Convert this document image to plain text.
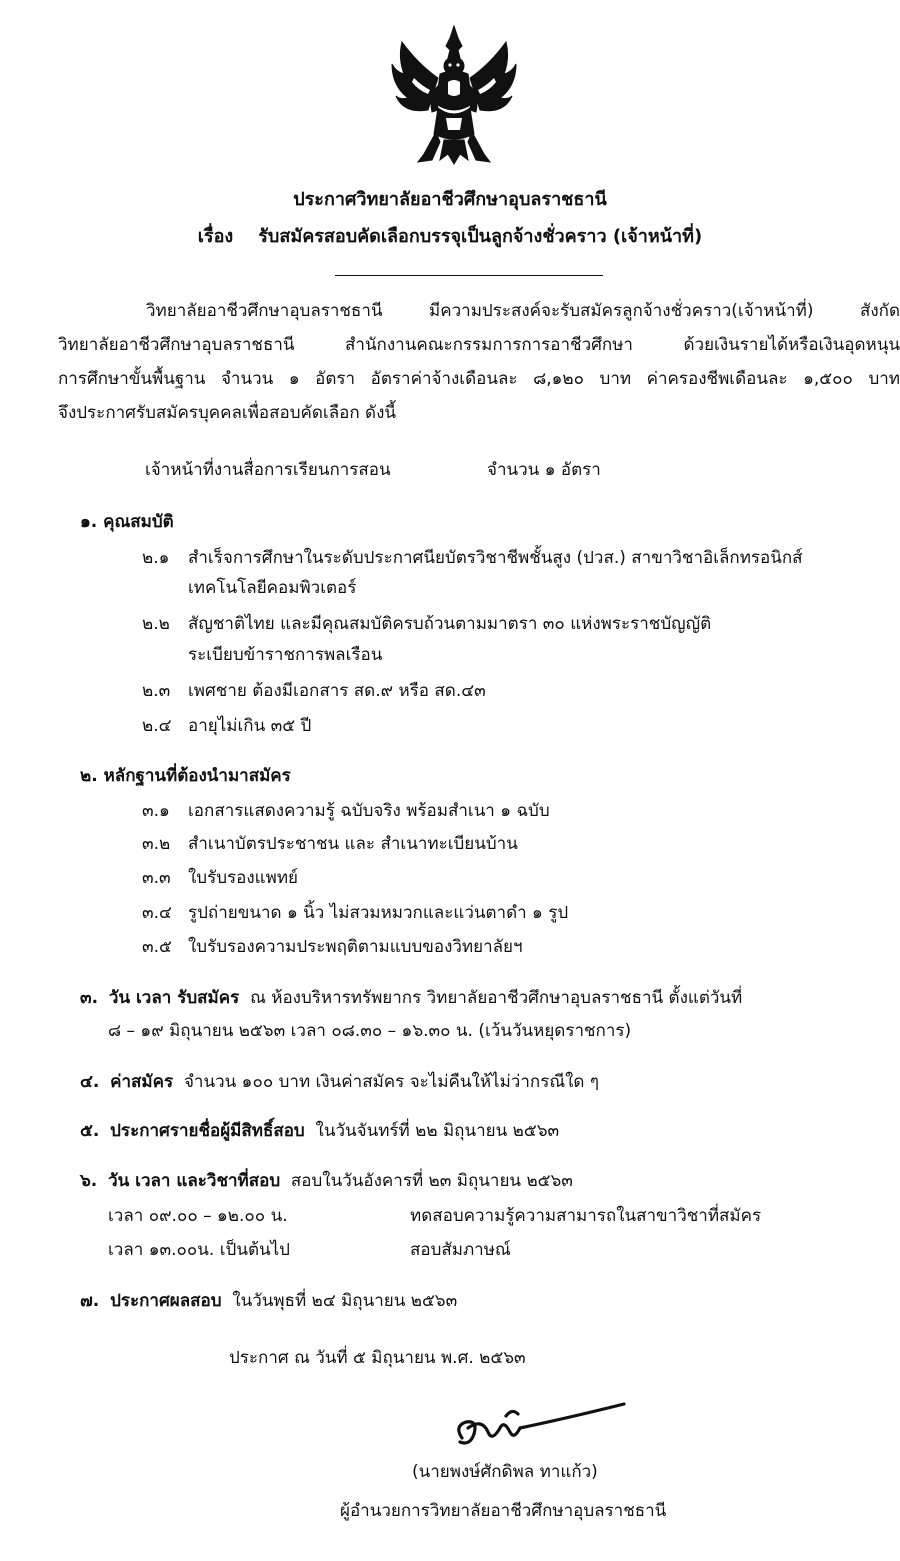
ประกาศวิทยาลัยอาชีวศึกษาอุบลราชธานี
เรื่อง รับสมัครสอบคัดเลือกบรรจุเป็นลูกจ้างชั่วคราว (เจ้าหน้าที่)
วิทยาลัยอาชีวศึกษาอุบลราชธานี มีความประสงค์จะรับสมัครลูกจ้างชั่วคราว(เจ้าหน้าที่) สังกัด
วิทยาลัยอาชีวศึกษาอุบลราชธานี สำนักงานคณะกรรมการการอาชีวศึกษา ด้วยเงินรายได้หรือเงินอุดหนุน
การศึกษาขั้นพื้นฐาน จำนวน ๑ อัตรา อัตราค่าจ้างเดือนละ ๘,๑๒๐ บาท ค่าครองชีพเดือนละ ๑,๕๐๐ บาท
จึงประกาศรับสมัครบุคคลเพื่อสอบคัดเลือก ดังนี้
เจ้าหน้าที่งานสื่อการเรียนการสอน	จำนวน ๑ อัตรา
๑. คุณสมบัติ
๒.๑ สำเร็จการศึกษาในระดับประกาศนียบัตรวิชาชีพชั้นสูง (ปวส.) สาขาวิชาอิเล็กทรอนิกส์
เทคโนโลยีคอมพิวเตอร์
๒.๒ สัญชาติไทย และมีคุณสมบัติครบถ้วนตามมาตรา ๓๐ แห่งพระราชบัญญัติ
ระเบียบข้าราชการพลเรือน
๒.๓ เพศชาย ต้องมีเอกสาร สด.๙ หรือ สด.๔๓
๒.๔ อายุไม่เกิน ๓๕ ปี
๒. หลักฐานที่ต้องนำมาสมัคร
๓.๑ เอกสารแสดงความรู้ ฉบับจริง พร้อมสำเนา ๑ ฉบับ
๓.๒ สำเนาบัตรประชาชน และ สำเนาทะเบียนบ้าน
๓.๓ ใบรับรองแพทย์
๓.๔ รูปถ่ายขนาด ๑ นิ้ว ไม่สวมหมวกและแว่นตาดำ ๑ รูป
๓.๕ ใบรับรองความประพฤติตามแบบของวิทยาลัยฯ
๓. วัน เวลา รับสมัคร ณ ห้องบริหารทรัพยากร วิทยาลัยอาชีวศึกษาอุบลราชธานี ตั้งแต่วันที่
๘ – ๑๙ มิถุนายน ๒๕๖๓ เวลา ๐๘.๓๐ – ๑๖.๓๐ น. (เว้นวันหยุดราชการ)
๔. ค่าสมัคร จำนวน ๑๐๐ บาท เงินค่าสมัคร จะไม่คืนให้ไม่ว่ากรณีใด ๆ
๕. ประกาศรายชื่อผู้มีสิทธิ์สอบ ในวันจันทร์ที่ ๒๒ มิถุนายน ๒๕๖๓
๖. วัน เวลา และวิชาที่สอบ สอบในวันอังคารที่ ๒๓ มิถุนายน ๒๕๖๓
เวลา ๐๙.๐๐ – ๑๒.๐๐ น.	ทดสอบความรู้ความสามารถในสาขาวิชาที่สมัคร
เวลา ๑๓.๐๐น. เป็นต้นไป	สอบสัมภาษณ์
๗. ประกาศผลสอบ ในวันพุธที่ ๒๔ มิถุนายน ๒๕๖๓
ประกาศ ณ วันที่ ๕ มิถุนายน พ.ศ. ๒๕๖๓
(นายพงษ์ศักดิพล ทาแก้ว)
ผู้อำนวยการวิทยาลัยอาชีวศึกษาอุบลราชธานี
